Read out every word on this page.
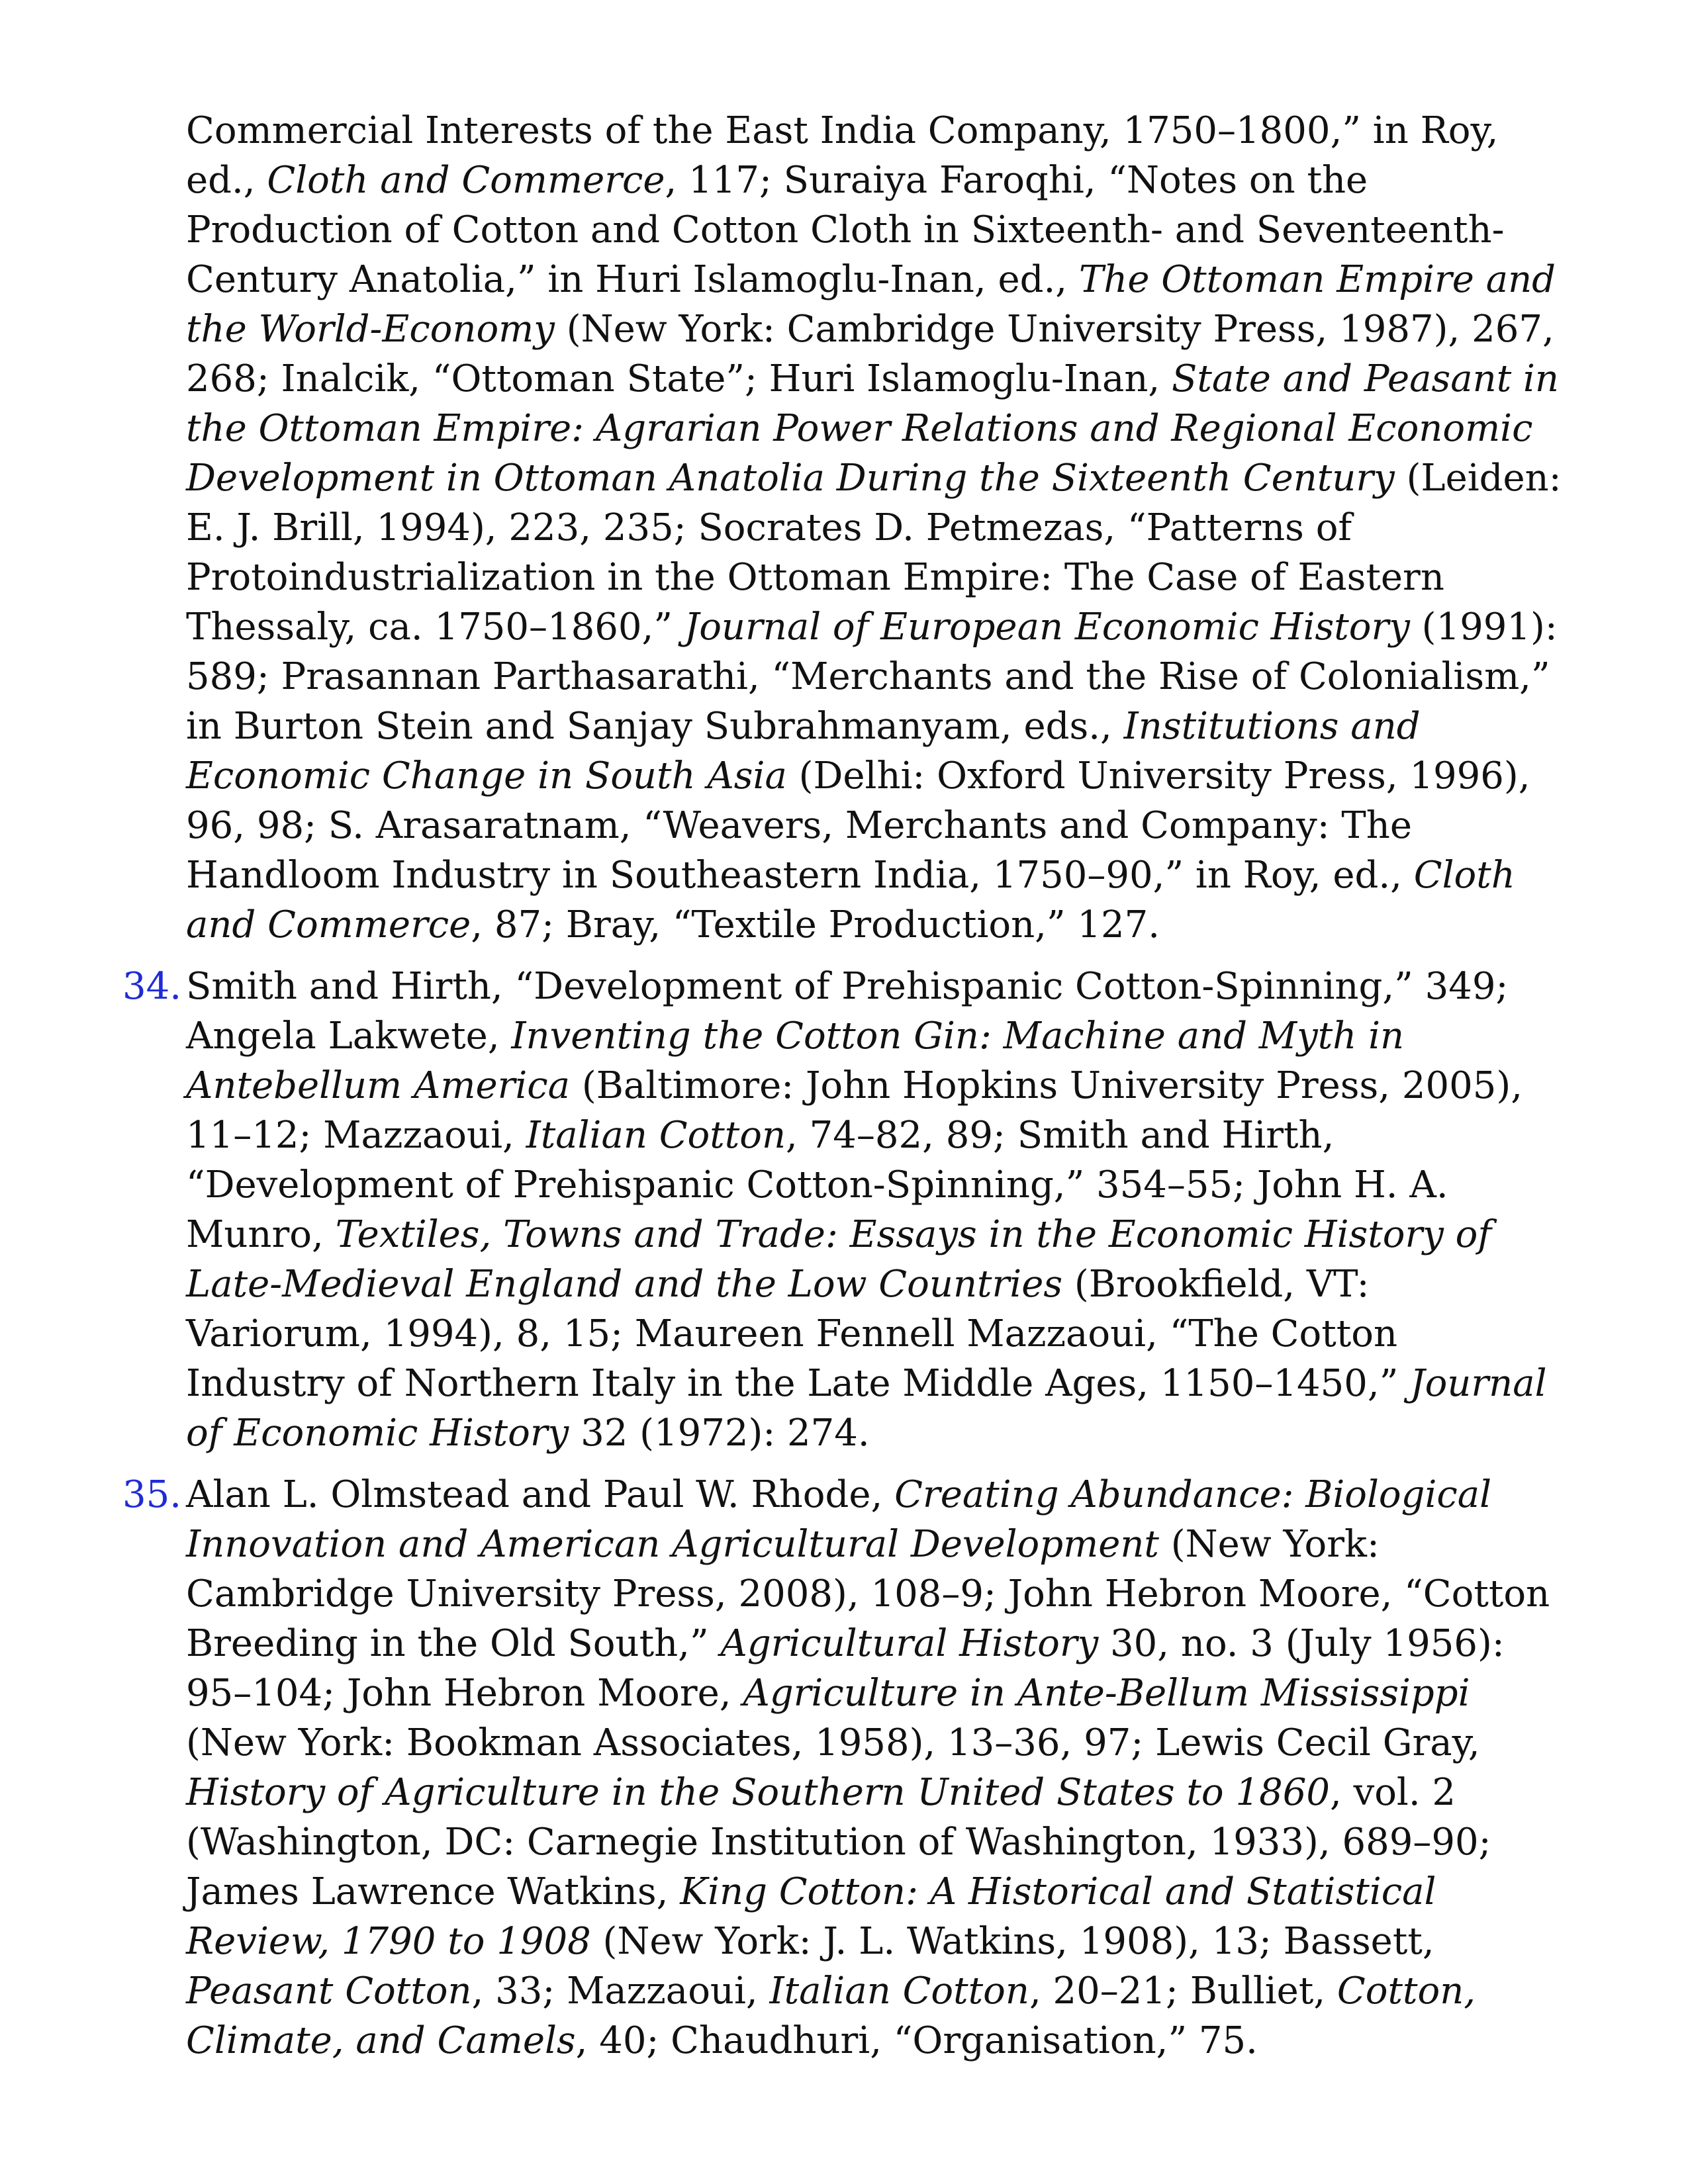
Commercial Interests of the East India Company, 1750–1800,” in Roy, ed., Cloth and Commerce, 117; Suraiya Faroqhi, “Notes on the Production of Cotton and Cotton Cloth in Sixteenth- and Seventeenth-Century Anatolia,” in Huri Islamoglu-Inan, ed., The Ottoman Empire and the World-Economy (New York: Cambridge University Press, 1987), 267, 268; Inalcik, “Ottoman State”; Huri Islamoglu-Inan, State and Peasant in the Ottoman Empire: Agrarian Power Relations and Regional Economic Development in Ottoman Anatolia During the Sixteenth Century (Leiden: E. J. Brill, 1994), 223, 235; Socrates D. Petmezas, “Patterns of Protoindustrialization in the Ottoman Empire: The Case of Eastern Thessaly, ca. 1750–1860,” Journal of European Economic History (1991): 589; Prasannan Parthasarathi, “Merchants and the Rise of Colonialism,” in Burton Stein and Sanjay Subrahmanyam, eds., Institutions and Economic Change in South Asia (Delhi: Oxford University Press, 1996), 96, 98; S. Arasaratnam, “Weavers, Merchants and Company: The Handloom Industry in Southeastern India, 1750–90,” in Roy, ed., Cloth and Commerce, 87; Bray, “Textile Production,” 127.
34. Smith and Hirth, “Development of Prehispanic Cotton-Spinning,” 349; Angela Lakwete, Inventing the Cotton Gin: Machine and Myth in Antebellum America (Baltimore: John Hopkins University Press, 2005), 11–12; Mazzaoui, Italian Cotton, 74–82, 89; Smith and Hirth, “Development of Prehispanic Cotton-Spinning,” 354–55; John H. A. Munro, Textiles, Towns and Trade: Essays in the Economic History of Late-Medieval England and the Low Countries (Brookfield, VT: Variorum, 1994), 8, 15; Maureen Fennell Mazzaoui, “The Cotton Industry of Northern Italy in the Late Middle Ages, 1150–1450,” Journal of Economic History 32 (1972): 274.
35. Alan L. Olmstead and Paul W. Rhode, Creating Abundance: Biological Innovation and American Agricultural Development (New York: Cambridge University Press, 2008), 108–9; John Hebron Moore, “Cotton Breeding in the Old South,” Agricultural History 30, no. 3 (July 1956): 95–104; John Hebron Moore, Agriculture in Ante-Bellum Mississippi (New York: Bookman Associates, 1958), 13–36, 97; Lewis Cecil Gray, History of Agriculture in the Southern United States to 1860, vol. 2 (Washington, DC: Carnegie Institution of Washington, 1933), 689–90; James Lawrence Watkins, King Cotton: A Historical and Statistical Review, 1790 to 1908 (New York: J. L. Watkins, 1908), 13; Bassett, Peasant Cotton, 33; Mazzaoui, Italian Cotton, 20–21; Bulliet, Cotton, Climate, and Camels, 40; Chaudhuri, “Organisation,” 75.
